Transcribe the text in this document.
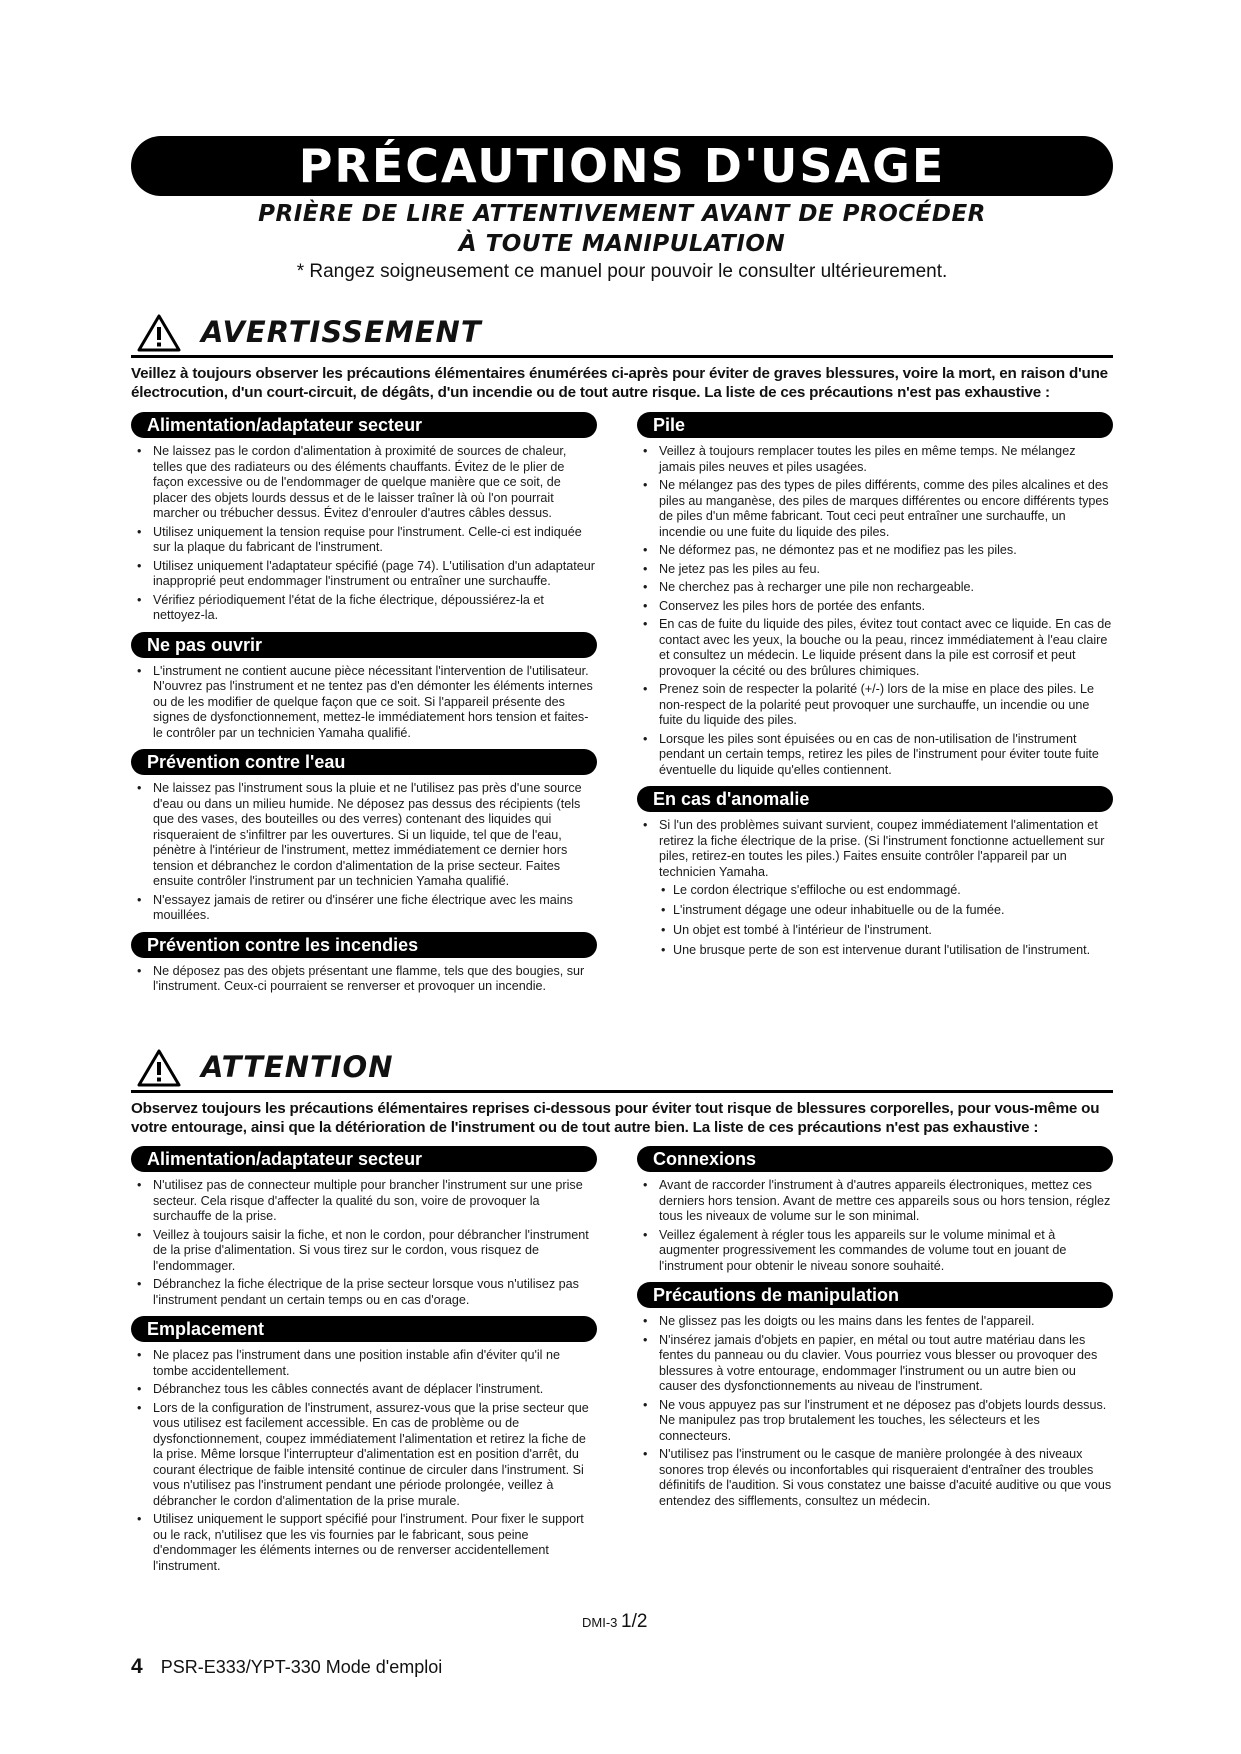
PRÉCAUTIONS D'USAGE
PRIÈRE DE LIRE ATTENTIVEMENT AVANT DE PROCÉDER
À TOUTE MANIPULATION
* Rangez soigneusement ce manuel pour pouvoir le consulter ultérieurement.
AVERTISSEMENT
Veillez à toujours observer les précautions élémentaires énumérées ci-après pour éviter de graves blessures, voire la mort, en raison d'une électrocution, d'un court-circuit, de dégâts, d'un incendie ou de tout autre risque. La liste de ces précautions n'est pas exhaustive :
Alimentation/adaptateur secteur
• Ne laissez pas le cordon d'alimentation à proximité de sources de chaleur, telles que des radiateurs ou des éléments chauffants. Évitez de le plier de façon excessive ou de l'endommager de quelque manière que ce soit, de placer des objets lourds dessus et de le laisser traîner là où l'on pourrait marcher ou trébucher dessus. Évitez d'enrouler d'autres câbles dessus.
• Utilisez uniquement la tension requise pour l'instrument. Celle-ci est indiquée sur la plaque du fabricant de l'instrument.
• Utilisez uniquement l'adaptateur spécifié (page 74). L'utilisation d'un adaptateur inapproprié peut endommager l'instrument ou entraîner une surchauffe.
• Vérifiez périodiquement l'état de la fiche électrique, dépoussiérez-la et nettoyez-la.
Ne pas ouvrir
• L'instrument ne contient aucune pièce nécessitant l'intervention de l'utilisateur. N'ouvrez pas l'instrument et ne tentez pas d'en démonter les éléments internes ou de les modifier de quelque façon que ce soit. Si l'appareil présente des signes de dysfonctionnement, mettez-le immédiatement hors tension et faites-le contrôler par un technicien Yamaha qualifié.
Prévention contre l'eau
• Ne laissez pas l'instrument sous la pluie et ne l'utilisez pas près d'une source d'eau ou dans un milieu humide. Ne déposez pas dessus des récipients (tels que des vases, des bouteilles ou des verres) contenant des liquides qui risqueraient de s'infiltrer par les ouvertures. Si un liquide, tel que de l'eau, pénètre à l'intérieur de l'instrument, mettez immédiatement ce dernier hors tension et débranchez le cordon d'alimentation de la prise secteur. Faites ensuite contrôler l'instrument par un technicien Yamaha qualifié.
• N'essayez jamais de retirer ou d'insérer une fiche électrique avec les mains mouillées.
Prévention contre les incendies
• Ne déposez pas des objets présentant une flamme, tels que des bougies, sur l'instrument. Ceux-ci pourraient se renverser et provoquer un incendie.
Pile
• Veillez à toujours remplacer toutes les piles en même temps. Ne mélangez jamais piles neuves et piles usagées.
• Ne mélangez pas des types de piles différents, comme des piles alcalines et des piles au manganèse, des piles de marques différentes ou encore différents types de piles d'un même fabricant. Tout ceci peut entraîner une surchauffe, un incendie ou une fuite du liquide des piles.
• Ne déformez pas, ne démontez pas et ne modifiez pas les piles.
• Ne jetez pas les piles au feu.
• Ne cherchez pas à recharger une pile non rechargeable.
• Conservez les piles hors de portée des enfants.
• En cas de fuite du liquide des piles, évitez tout contact avec ce liquide. En cas de contact avec les yeux, la bouche ou la peau, rincez immédiatement à l'eau claire et consultez un médecin. Le liquide présent dans la pile est corrosif et peut provoquer la cécité ou des brûlures chimiques.
• Prenez soin de respecter la polarité (+/-) lors de la mise en place des piles. Le non-respect de la polarité peut provoquer une surchauffe, un incendie ou une fuite du liquide des piles.
• Lorsque les piles sont épuisées ou en cas de non-utilisation de l'instrument pendant un certain temps, retirez les piles de l'instrument pour éviter toute fuite éventuelle du liquide qu'elles contiennent.
En cas d'anomalie
• Si l'un des problèmes suivant survient, coupez immédiatement l'alimentation et retirez la fiche électrique de la prise. (Si l'instrument fonctionne actuellement sur piles, retirez-en toutes les piles.) Faites ensuite contrôler l'appareil par un technicien Yamaha.
• Le cordon électrique s'effiloche ou est endommagé.
• L'instrument dégage une odeur inhabituelle ou de la fumée.
• Un objet est tombé à l'intérieur de l'instrument.
• Une brusque perte de son est intervenue durant l'utilisation de l'instrument.
ATTENTION
Observez toujours les précautions élémentaires reprises ci-dessous pour éviter tout risque de blessures corporelles, pour vous-même ou votre entourage, ainsi que la détérioration de l'instrument ou de tout autre bien. La liste de ces précautions n'est pas exhaustive :
Alimentation/adaptateur secteur
• N'utilisez pas de connecteur multiple pour brancher l'instrument sur une prise secteur. Cela risque d'affecter la qualité du son, voire de provoquer la surchauffe de la prise.
• Veillez à toujours saisir la fiche, et non le cordon, pour débrancher l'instrument de la prise d'alimentation. Si vous tirez sur le cordon, vous risquez de l'endommager.
• Débranchez la fiche électrique de la prise secteur lorsque vous n'utilisez pas l'instrument pendant un certain temps ou en cas d'orage.
Emplacement
• Ne placez pas l'instrument dans une position instable afin d'éviter qu'il ne tombe accidentellement.
• Débranchez tous les câbles connectés avant de déplacer l'instrument.
• Lors de la configuration de l'instrument, assurez-vous que la prise secteur que vous utilisez est facilement accessible. En cas de problème ou de dysfonctionnement, coupez immédiatement l'alimentation et retirez la fiche de la prise. Même lorsque l'interrupteur d'alimentation est en position d'arrêt, du courant électrique de faible intensité continue de circuler dans l'instrument. Si vous n'utilisez pas l'instrument pendant une période prolongée, veillez à débrancher le cordon d'alimentation de la prise murale.
• Utilisez uniquement le support spécifié pour l'instrument. Pour fixer le support ou le rack, n'utilisez que les vis fournies par le fabricant, sous peine d'endommager les éléments internes ou de renverser accidentellement l'instrument.
Connexions
• Avant de raccorder l'instrument à d'autres appareils électroniques, mettez ces derniers hors tension. Avant de mettre ces appareils sous ou hors tension, réglez tous les niveaux de volume sur le son minimal.
• Veillez également à régler tous les appareils sur le volume minimal et à augmenter progressivement les commandes de volume tout en jouant de l'instrument pour obtenir le niveau sonore souhaité.
Précautions de manipulation
• Ne glissez pas les doigts ou les mains dans les fentes de l'appareil.
• N'insérez jamais d'objets en papier, en métal ou tout autre matériau dans les fentes du panneau ou du clavier. Vous pourriez vous blesser ou provoquer des blessures à votre entourage, endommager l'instrument ou un autre bien ou causer des dysfonctionnements au niveau de l'instrument.
• Ne vous appuyez pas sur l'instrument et ne déposez pas d'objets lourds dessus. Ne manipulez pas trop brutalement les touches, les sélecteurs et les connecteurs.
• N'utilisez pas l'instrument ou le casque de manière prolongée à des niveaux sonores trop élevés ou inconfortables qui risqueraient d'entraîner des troubles définitifs de l'audition. Si vous constatez une baisse d'acuité auditive ou que vous entendez des sifflements, consultez un médecin.
DMI-3 1/2
4 PSR-E333/YPT-330 Mode d'emploi
